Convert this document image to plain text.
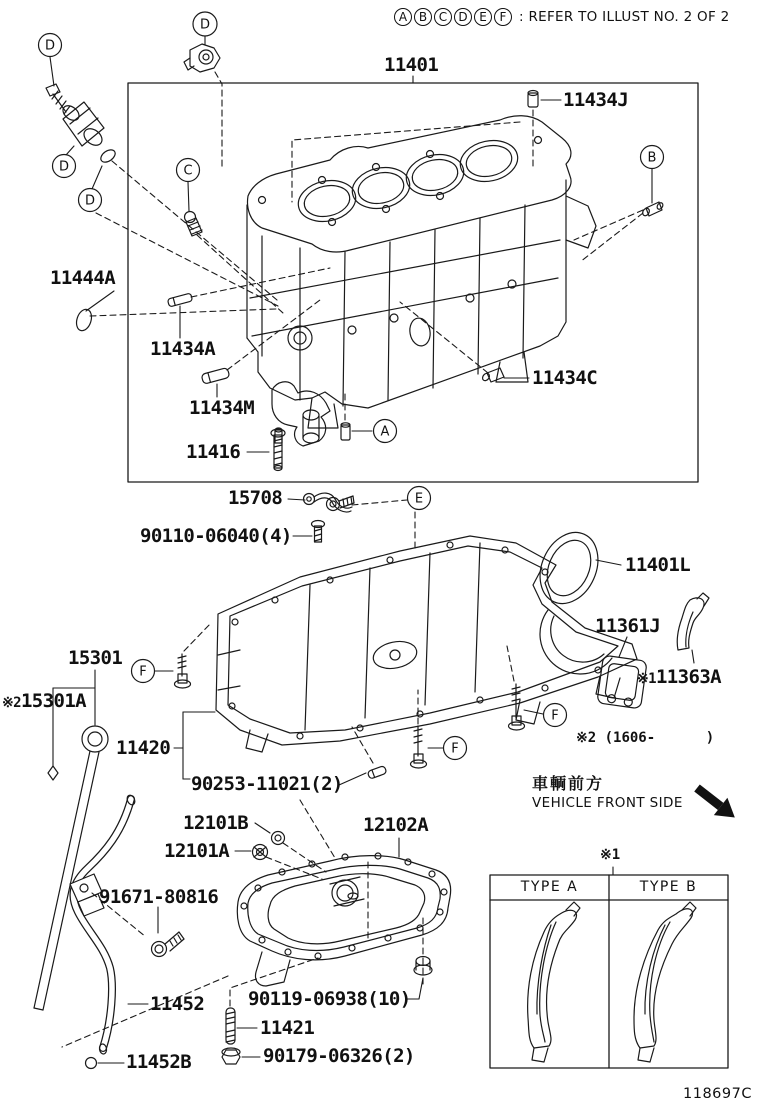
D
D
D
C
D
B
A
E
F
F
F
A B C D E	F : REFER TO ILLUST NO. 2 OF 2
11401
11434J
11444A
11434A
11434C
11434M
11416
15708
90110-06040(4)
11401L
11361J
※111363A
15301
※215301A
11420
90253-11021(2)
12101B
12101A
12102A
91671-80816
11452
11452B
90119-06938(10)
11421
90179-06326(2)
※2 (1606-      )
車輌前方
VEHICLE FRONT SIDE
※1
TYPE A	TYPE B
118697C
